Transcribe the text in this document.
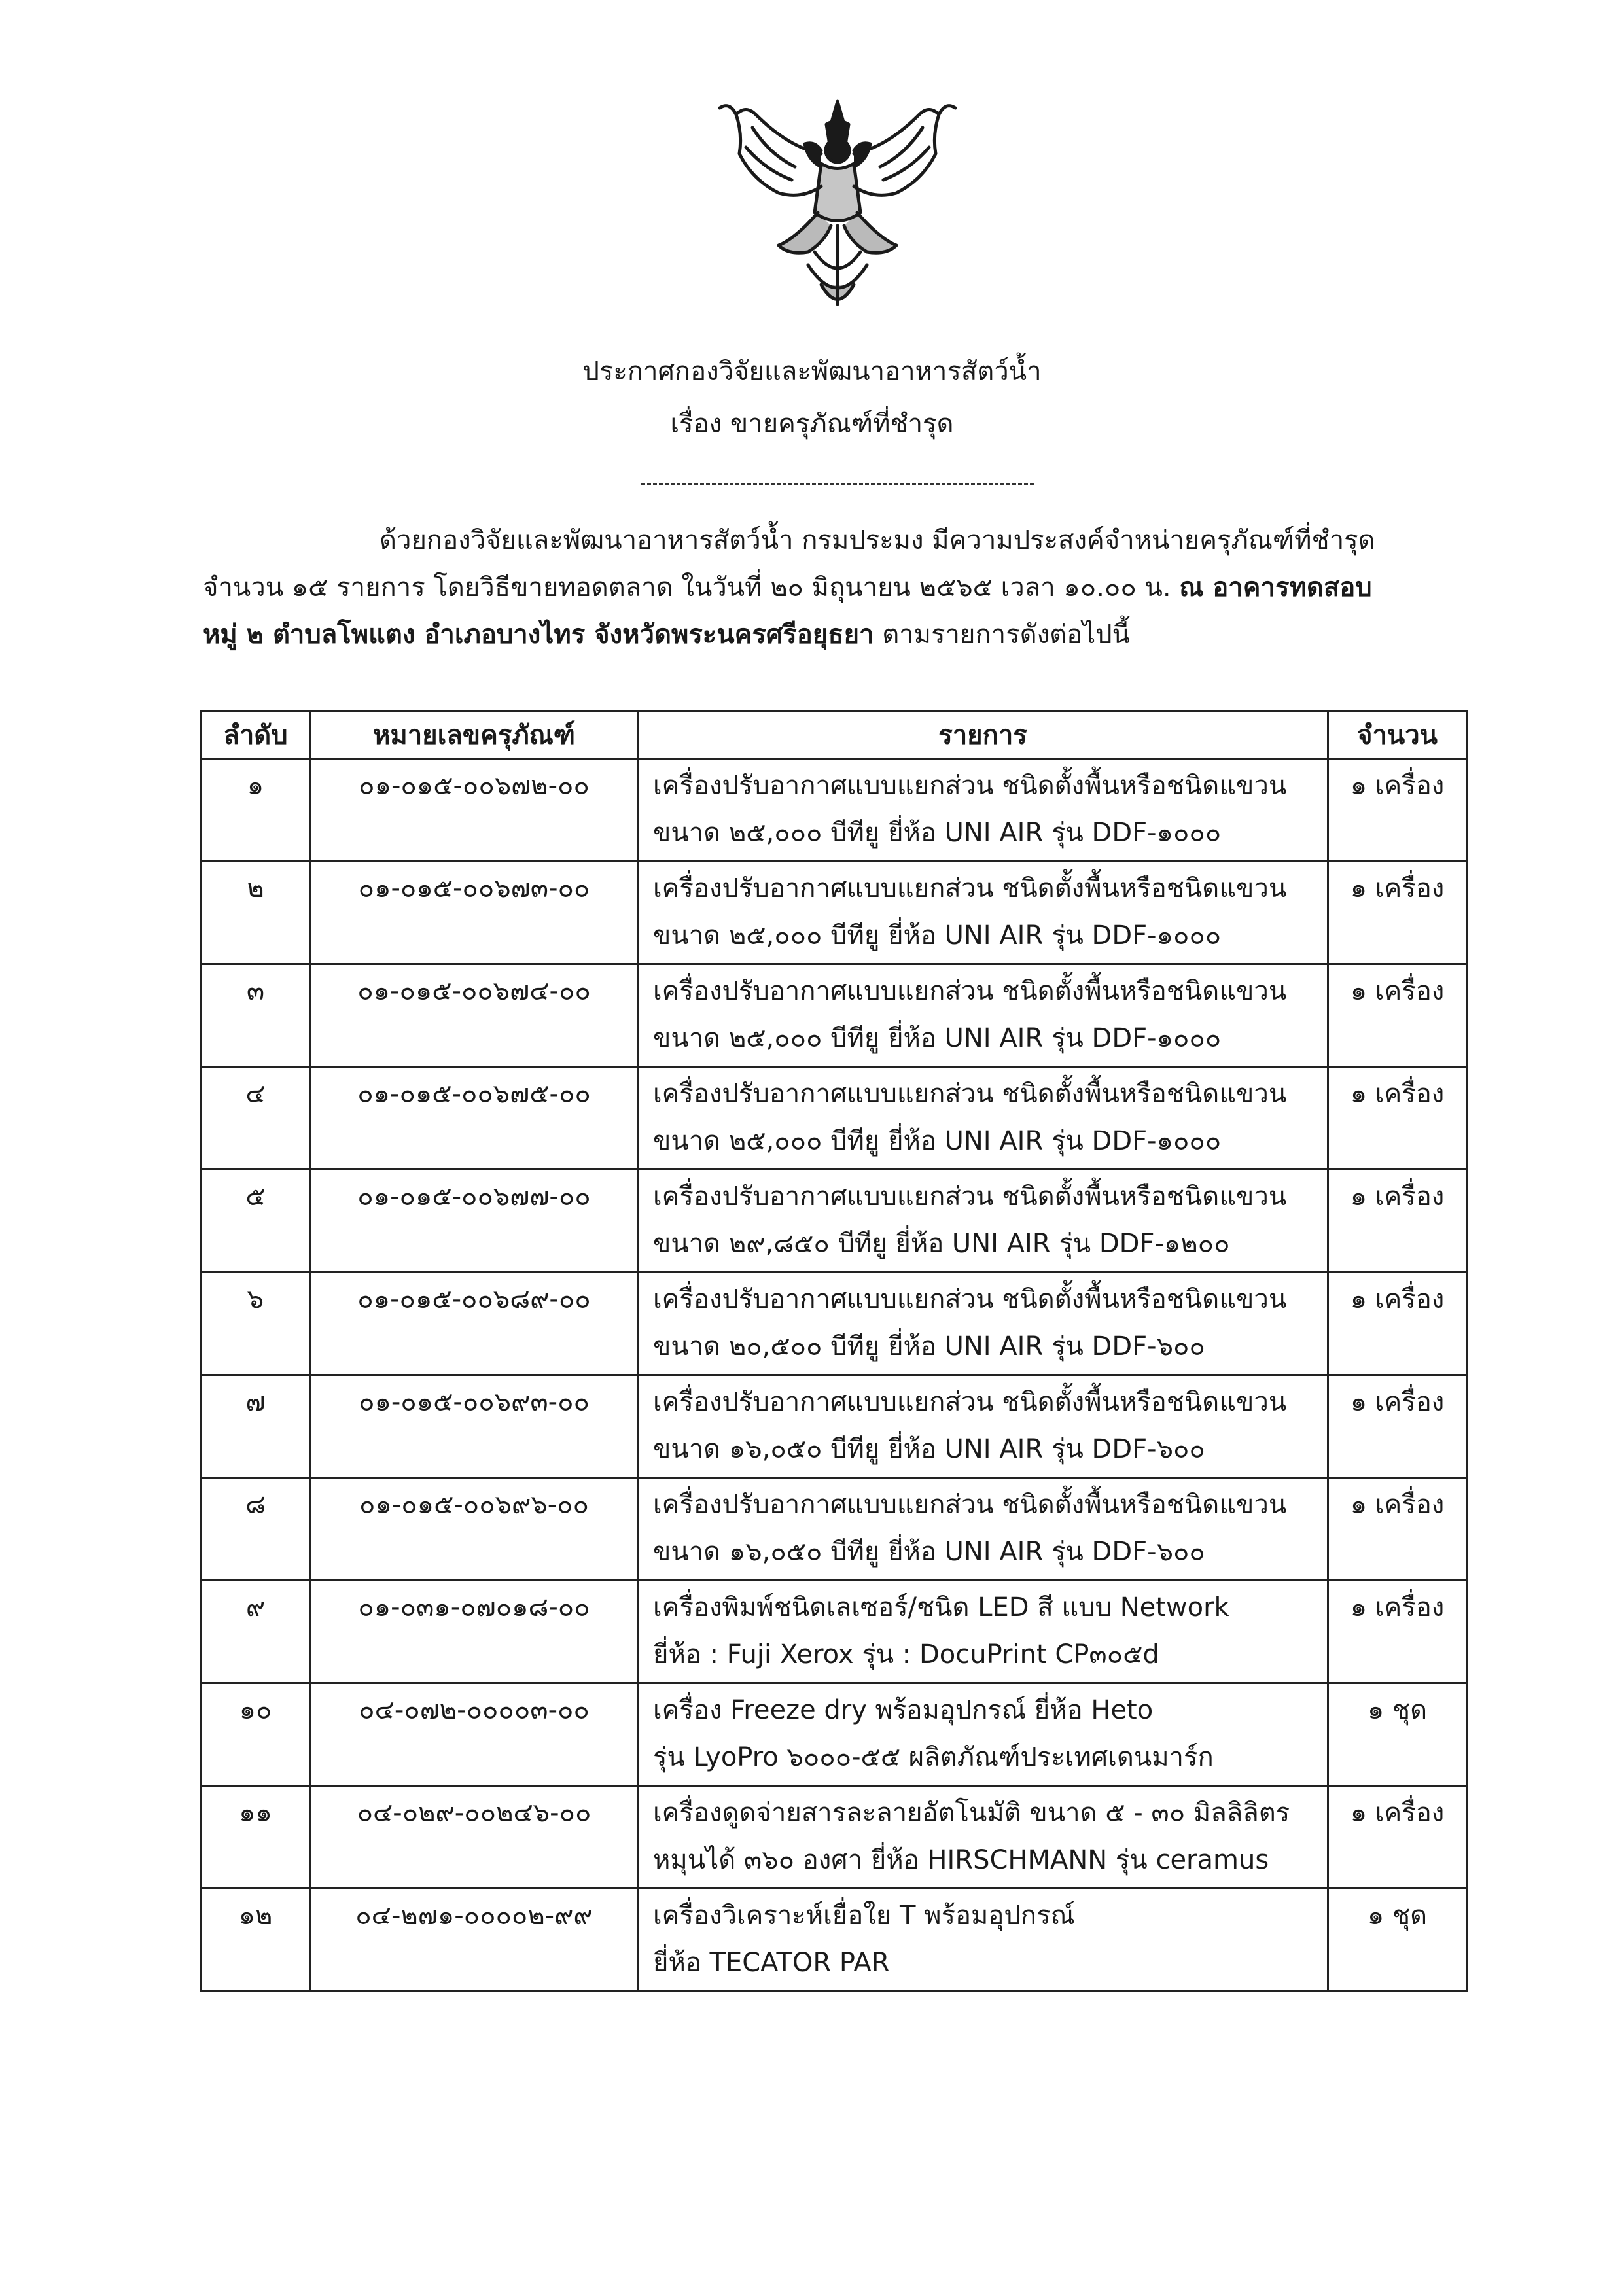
ประกาศกองวิจัยและพัฒนาอาหารสัตว์น้ำ
เรื่อง ขายครุภัณฑ์ที่ชำรุด
ด้วยกองวิจัยและพัฒนาอาหารสัตว์น้ำ กรมประมง มีความประสงค์จำหน่ายครุภัณฑ์ที่ชำรุด
จำนวน ๑๕ รายการ โดยวิธีขายทอดตลาด ในวันที่ ๒๐ มิถุนายน ๒๕๖๕ เวลา ๑๐.๐๐ น. ณ อาคารทดสอบ
หมู่ ๒ ตำบลโพแตง อำเภอบางไทร จังหวัดพระนครศรีอยุธยา ตามรายการดังต่อไปนี้
ลำดับ	หมายเลขครุภัณฑ์	รายการ	จำนวน

๑	๐๑-๐๑๕-๐๐๖๗๒-๐๐	เครื่องปรับอากาศแบบแยกส่วน ชนิดตั้งพื้นหรือชนิดแขวน
ขนาด ๒๕,๐๐๐ บีทียู ยี่ห้อ UNI AIR รุ่น DDF-๑๐๐๐	๑ เครื่อง

๒	๐๑-๐๑๕-๐๐๖๗๓-๐๐	เครื่องปรับอากาศแบบแยกส่วน ชนิดตั้งพื้นหรือชนิดแขวน
ขนาด ๒๕,๐๐๐ บีทียู ยี่ห้อ UNI AIR รุ่น DDF-๑๐๐๐	๑ เครื่อง

๓	๐๑-๐๑๕-๐๐๖๗๔-๐๐	เครื่องปรับอากาศแบบแยกส่วน ชนิดตั้งพื้นหรือชนิดแขวน
ขนาด ๒๕,๐๐๐ บีทียู ยี่ห้อ UNI AIR รุ่น DDF-๑๐๐๐	๑ เครื่อง

๔	๐๑-๐๑๕-๐๐๖๗๕-๐๐	เครื่องปรับอากาศแบบแยกส่วน ชนิดตั้งพื้นหรือชนิดแขวน
ขนาด ๒๕,๐๐๐ บีทียู ยี่ห้อ UNI AIR รุ่น DDF-๑๐๐๐	๑ เครื่อง

๕	๐๑-๐๑๕-๐๐๖๗๗-๐๐	เครื่องปรับอากาศแบบแยกส่วน ชนิดตั้งพื้นหรือชนิดแขวน
ขนาด ๒๙,๘๕๐ บีทียู ยี่ห้อ UNI AIR รุ่น DDF-๑๒๐๐	๑ เครื่อง

๖	๐๑-๐๑๕-๐๐๖๘๙-๐๐	เครื่องปรับอากาศแบบแยกส่วน ชนิดตั้งพื้นหรือชนิดแขวน
ขนาด ๒๐,๕๐๐ บีทียู ยี่ห้อ UNI AIR รุ่น DDF-๖๐๐	๑ เครื่อง

๗	๐๑-๐๑๕-๐๐๖๙๓-๐๐	เครื่องปรับอากาศแบบแยกส่วน ชนิดตั้งพื้นหรือชนิดแขวน
ขนาด ๑๖,๐๕๐ บีทียู ยี่ห้อ UNI AIR รุ่น DDF-๖๐๐	๑ เครื่อง

๘	๐๑-๐๑๕-๐๐๖๙๖-๐๐	เครื่องปรับอากาศแบบแยกส่วน ชนิดตั้งพื้นหรือชนิดแขวน
ขนาด ๑๖,๐๕๐ บีทียู ยี่ห้อ UNI AIR รุ่น DDF-๖๐๐	๑ เครื่อง

๙	๐๑-๐๓๑-๐๗๐๑๘-๐๐	เครื่องพิมพ์ชนิดเลเซอร์/ชนิด LED สี แบบ Network
ยี่ห้อ : Fuji Xerox รุ่น : DocuPrint CP๓๐๕d	๑ เครื่อง

๑๐	๐๔-๐๗๒-๐๐๐๐๓-๐๐	เครื่อง Freeze dry พร้อมอุปกรณ์ ยี่ห้อ Heto
รุ่น LyoPro ๖๐๐๐-๕๕ ผลิตภัณฑ์ประเทศเดนมาร์ก	๑ ชุด

๑๑	๐๔-๐๒๙-๐๐๒๔๖-๐๐	เครื่องดูดจ่ายสารละลายอัตโนมัติ ขนาด ๕ - ๓๐ มิลลิลิตร
หมุนได้ ๓๖๐ องศา ยี่ห้อ HIRSCHMANN รุ่น ceramus	๑ เครื่อง

๑๒	๐๔-๒๗๑-๐๐๐๐๒-๙๙	เครื่องวิเคราะห์เยื่อใย T พร้อมอุปกรณ์
ยี่ห้อ TECATOR PAR	๑ ชุด
